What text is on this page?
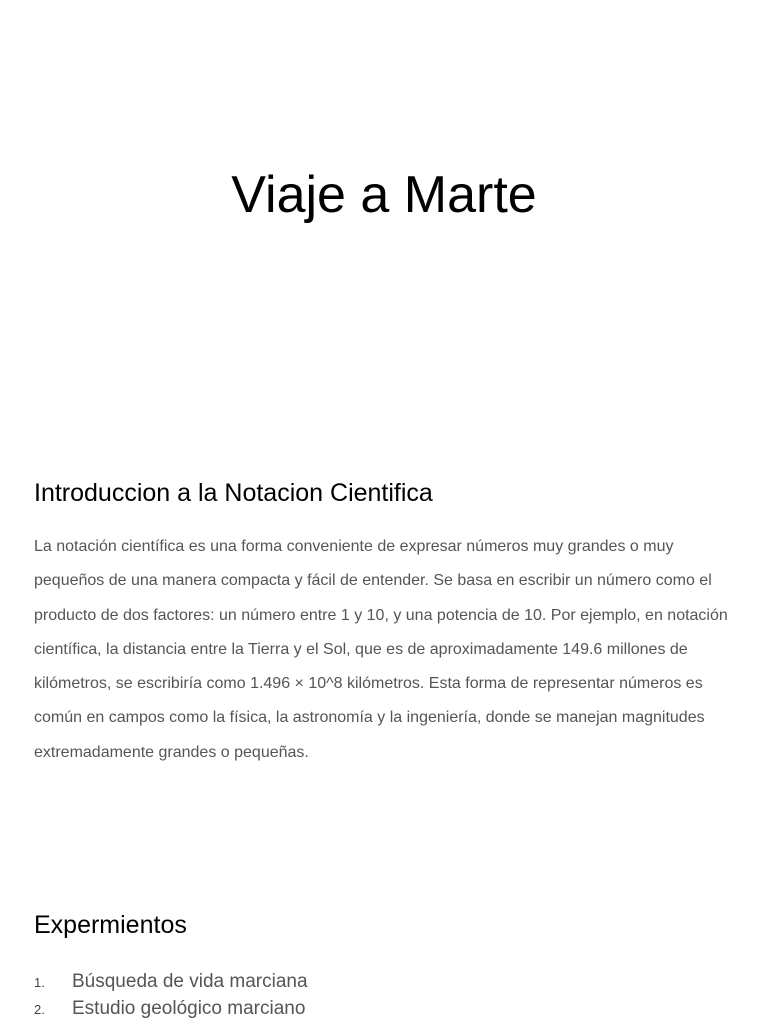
Viaje a Marte
Introduccion a la Notacion Cientifica

La notación científica es una forma conveniente de expresar números muy grandes o muy pequeños de una manera compacta y fácil de entender. Se basa en escribir un número como el producto de dos factores: un número entre 1 y 10, y una potencia de 10. Por ejemplo, en notación científica, la distancia entre la Tierra y el Sol, que es de aproximadamente 149.6 millones de kilómetros, se escribiría como 1.496 × 10^8 kilómetros. Esta forma de representar números es común en campos como la física, la astronomía y la ingeniería, donde se manejan magnitudes extremadamente grandes o pequeñas.

Expermientos
1.	Búsqueda de vida marciana
2.	Estudio geológico marciano
